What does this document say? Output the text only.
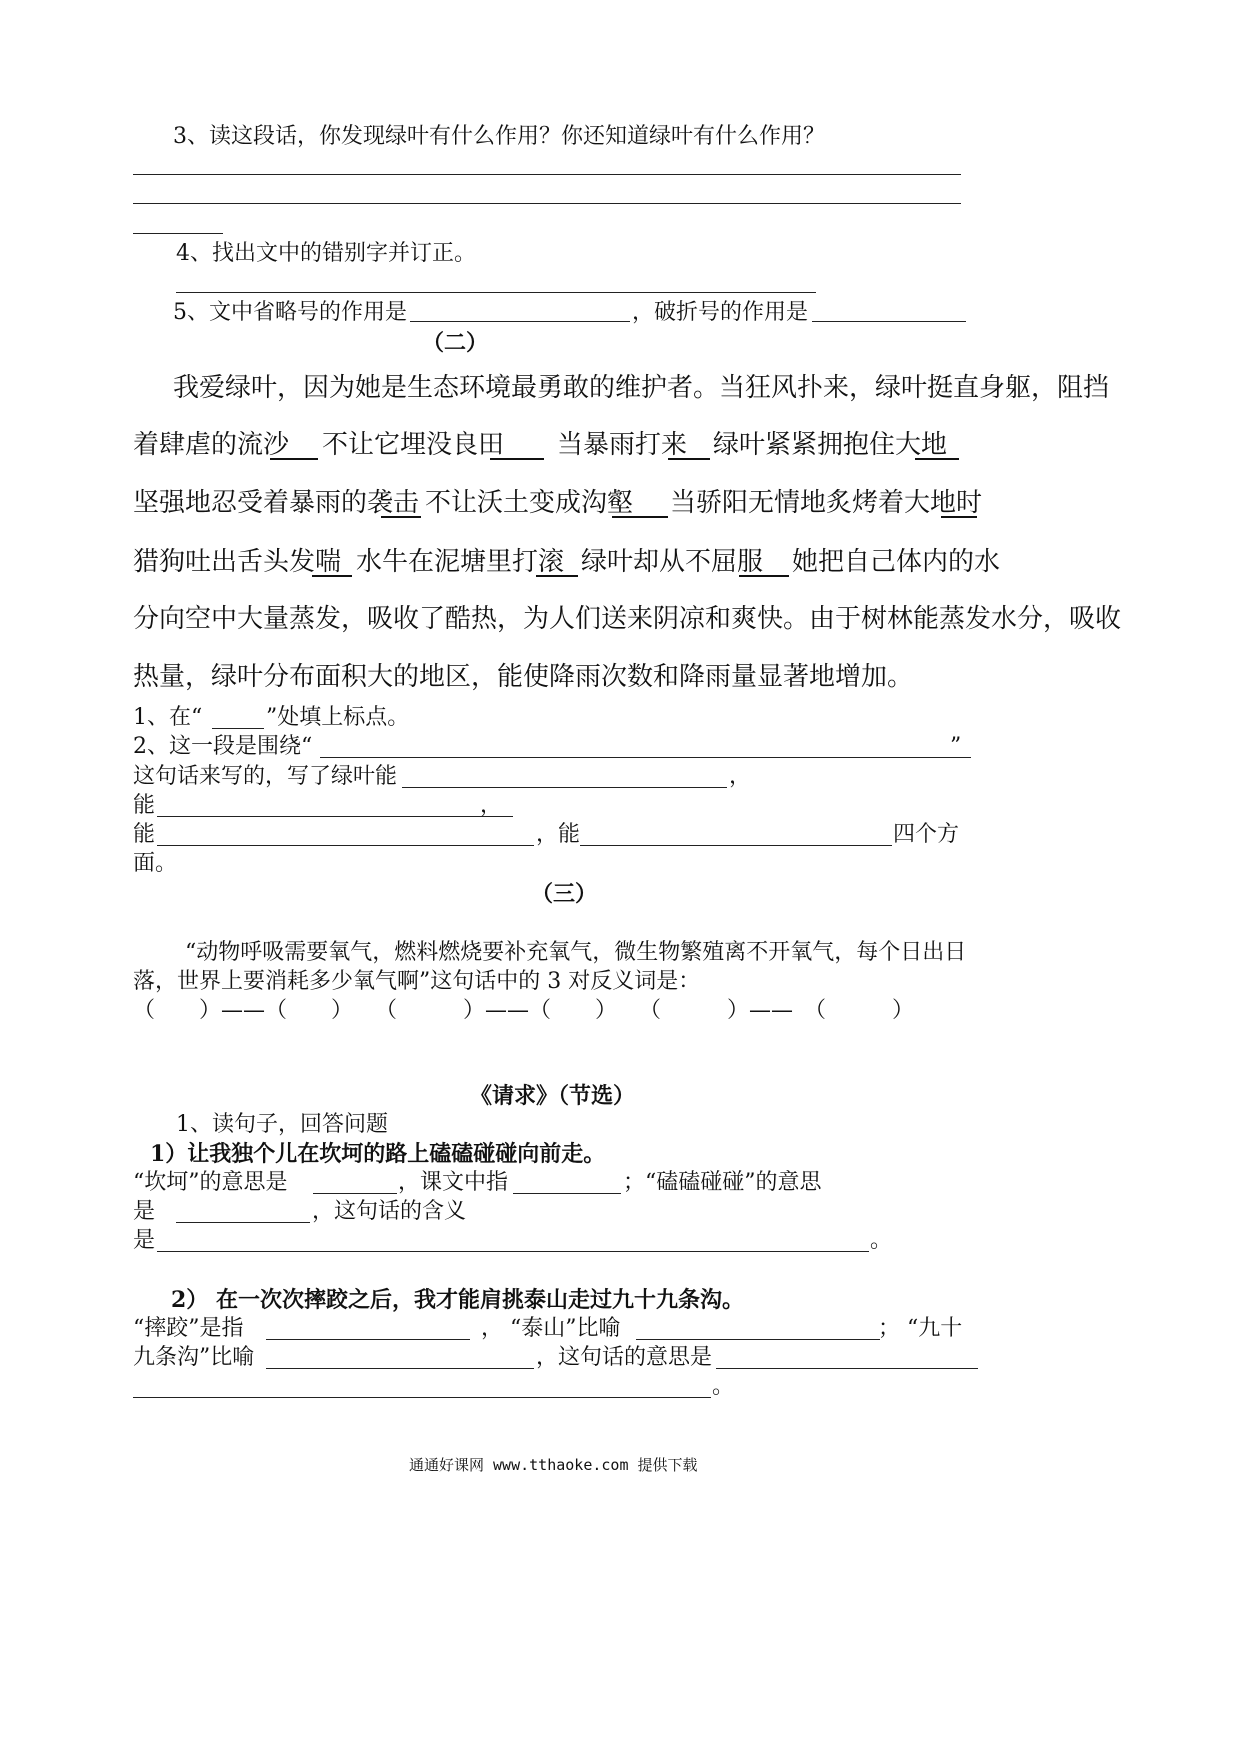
3、读这段话，你发现绿叶有什么作用？你还知道绿叶有什么作用？
4、找出文中的错别字并订正。
5、文中省略号的作用是	，破折号的作用是
（二）
我爱绿叶，因为她是生态环境最勇敢的维护者。当狂风扑来，绿叶挺直身躯，阻挡
着肆虐的流沙 不让它埋没良田 当暴雨打来 绿叶紧紧拥抱住大地
坚强地忍受着暴雨的袭击 不让沃土变成沟壑 当骄阳无情地炙烤着大地时
猎狗吐出舌头发喘 水牛在泥塘里打滚 绿叶却从不屈服 她把自己体内的水
分向空中大量蒸发，吸收了酷热，为人们送来阴凉和爽快。由于树林能蒸发水分，吸收
热量，绿叶分布面积大的地区，能使降雨次数和降雨量显著地增加。
1、在“	”处填上标点。
2、这一段是围绕“	”
这句话来写的，写了绿叶能	，
能	，
能	，能	四个方
面。
（三）
“动物呼吸需要氧气，燃料燃烧要补充氧气，微生物繁殖离不开氧气，每个日出日
落，世界上要消耗多少氧气啊”这句话中的 3 对反义词是：
（　　）——（　　）　　（　　　）——（　　）　　（　　　）——　（　　　）
《请求》（节选）
1、读句子，回答问题
1）让我独个儿在坎坷的路上磕磕碰碰向前走。
“坎坷”的意思是	，课文中指	；“磕磕碰碰”的意思
是	，这句话的含义
是	。
2） 在一次次摔跤之后，我才能肩挑泰山走过九十九条沟。
“摔跤”是指	， “泰山”比喻	； “九十
九条沟”比喻	，这句话的意思是
。
通通好课网 www.tthaoke.com 提供下载
